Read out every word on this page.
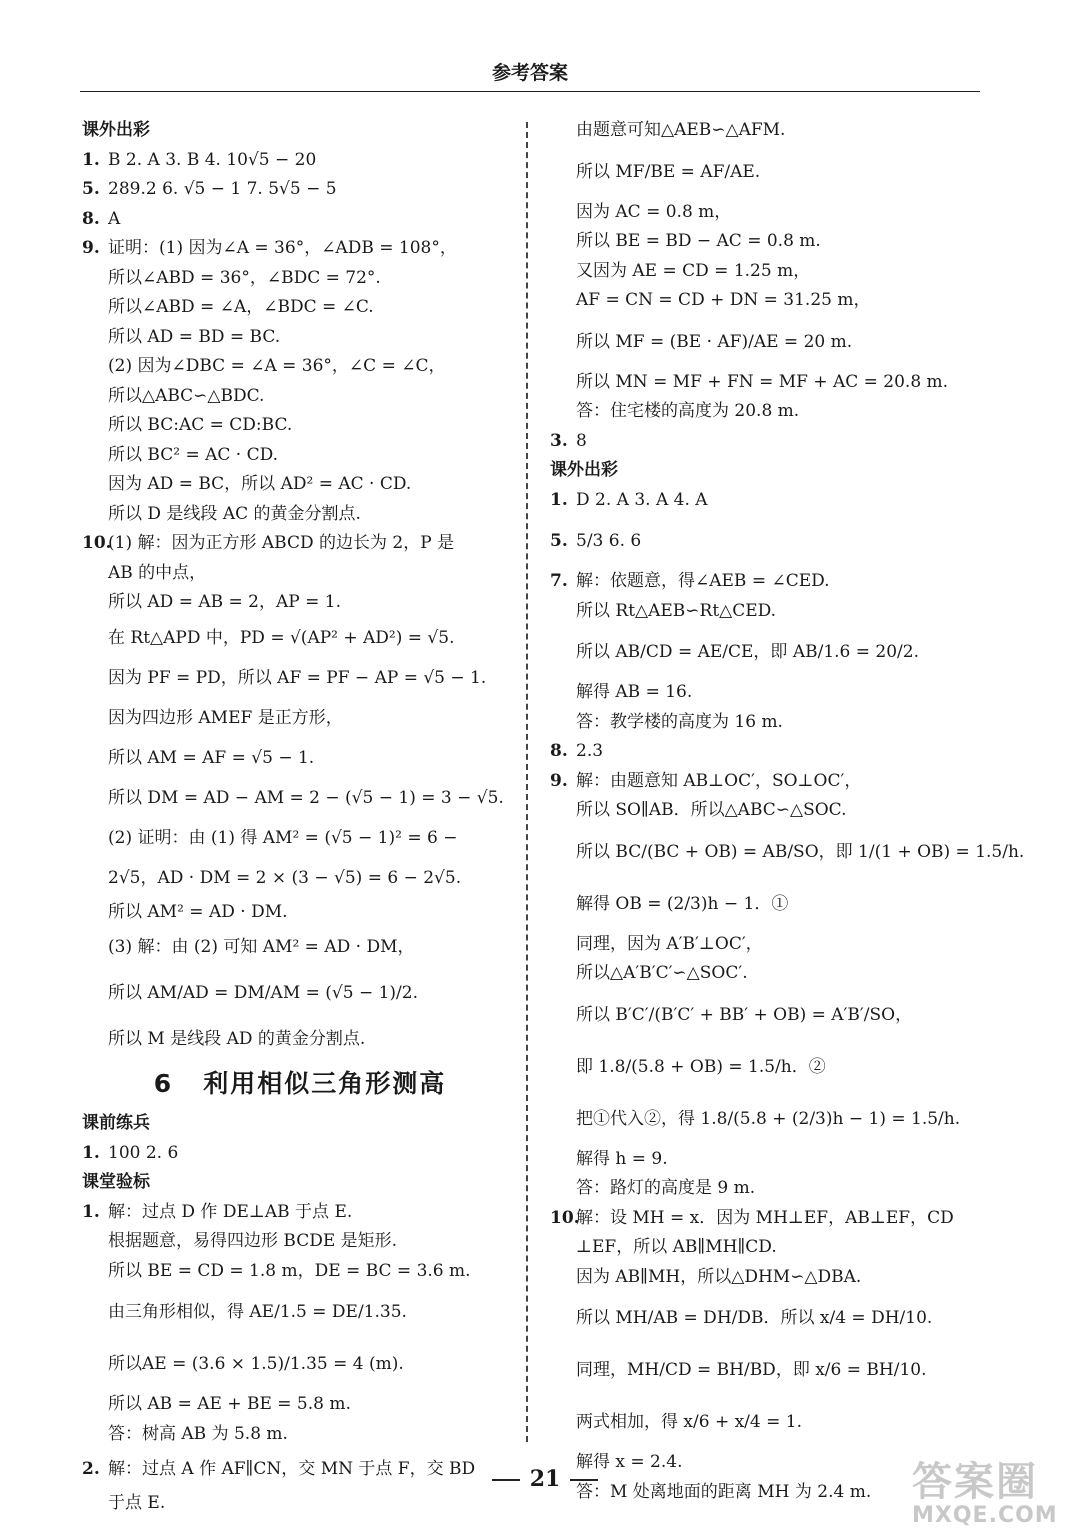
参考答案
课外出彩
1. B 2. A 3. B 4. 10√5 − 20
5. 289.2 6. √5 − 1 7. 5√5 − 5
8. A
9. 证明：(1) 因为∠A = 36°，∠ADB = 108°，
所以∠ABD = 36°，∠BDC = 72°.
所以∠ABD = ∠A，∠BDC = ∠C.
所以 AD = BD = BC.
(2) 因为∠DBC = ∠A = 36°，∠C = ∠C，
所以△ABC∽△BDC.
所以 BC:AC = CD:BC.
所以 BC² = AC · CD.
因为 AD = BC，所以 AD² = AC · CD.
所以 D 是线段 AC 的黄金分割点.
10.(1) 解：因为正方形 ABCD 的边长为 2，P 是
AB 的中点，
所以 AD = AB = 2，AP = 1.
在 Rt△APD 中，PD = √(AP² + AD²) = √5.
因为 PF = PD，所以 AF = PF − AP = √5 − 1.
因为四边形 AMEF 是正方形，
所以 AM = AF = √5 − 1.
所以 DM = AD − AM = 2 − (√5 − 1) = 3 − √5.
(2) 证明：由 (1) 得 AM² = (√5 − 1)² = 6 −
2√5，AD · DM = 2 × (3 − √5) = 6 − 2√5.
所以 AM² = AD · DM.
(3) 解：由 (2) 可知 AM² = AD · DM，
所以 AM/AD = DM/AM = (√5 − 1)/2.
所以 M 是线段 AD 的黄金分割点.
6 利用相似三角形测高
课前练兵
1. 100 2. 6
课堂验标
1. 解：过点 D 作 DE⊥AB 于点 E.
根据题意，易得四边形 BCDE 是矩形.
所以 BE = CD = 1.8 m，DE = BC = 3.6 m.
由三角形相似，得 AE/1.5 = DE/1.35.
所以AE = (3.6 × 1.5)/1.35 = 4 (m).
所以 AB = AE + BE = 5.8 m.
答：树高 AB 为 5.8 m.
2. 解：过点 A 作 AF∥CN，交 MN 于点 F，交 BD
于点 E.
由题意可知△AEB∽△AFM.
所以 MF/BE = AF/AE.
因为 AC = 0.8 m，
所以 BE = BD − AC = 0.8 m.
又因为 AE = CD = 1.25 m，
AF = CN = CD + DN = 31.25 m，
所以 MF = (BE · AF)/AE = 20 m.
所以 MN = MF + FN = MF + AC = 20.8 m.
答：住宅楼的高度为 20.8 m.
3. 8
课外出彩
1. D 2. A 3. A 4. A
5. 5/3 6. 6
7. 解：依题意，得∠AEB = ∠CED.
所以 Rt△AEB∽Rt△CED.
所以 AB/CD = AE/CE，即 AB/1.6 = 20/2.
解得 AB = 16.
答：教学楼的高度为 16 m.
8. 2.3
9. 解：由题意知 AB⊥OC′，SO⊥OC′，
所以 SO∥AB．所以△ABC∽△SOC.
所以 BC/(BC + OB) = AB/SO，即 1/(1 + OB) = 1.5/h.
解得 OB = (2/3)h − 1．①
同理，因为 A′B′⊥OC′，
所以△A′B′C′∽△SOC′.
所以 B′C′/(B′C′ + BB′ + OB) = A′B′/SO，
即 1.8/(5.8 + OB) = 1.5/h．②
把①代入②，得 1.8/(5.8 + (2/3)h − 1) = 1.5/h.
解得 h = 9.
答：路灯的高度是 9 m.
10.解：设 MH = x．因为 MH⊥EF，AB⊥EF，CD
⊥EF，所以 AB∥MH∥CD.
因为 AB∥MH，所以△DHM∽△DBA.
所以 MH/AB = DH/DB．所以 x/4 = DH/10.
同理，MH/CD = BH/BD，即 x/6 = BH/10.
两式相加，得 x/6 + x/4 = 1.
解得 x = 2.4.
答：M 处离地面的距离 MH 为 2.4 m.
21	答案圈
MXQE.COM
